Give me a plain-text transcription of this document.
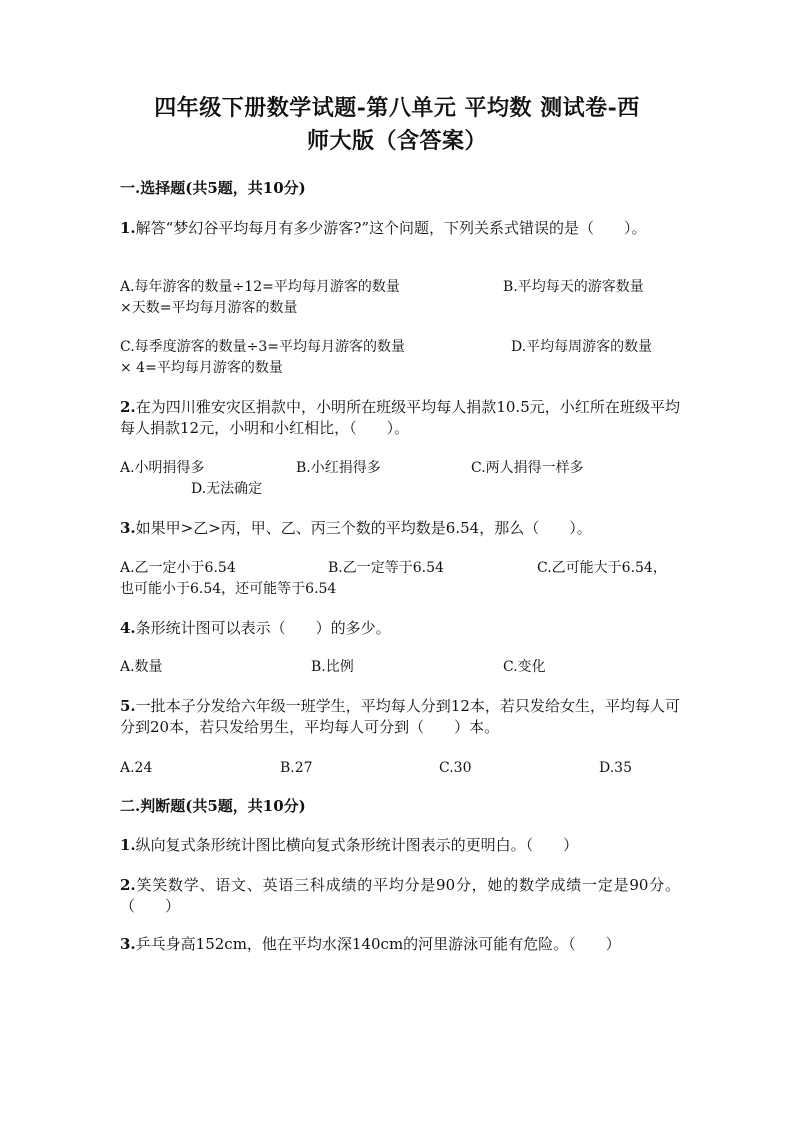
四年级下册数学试题-第八单元 平均数 测试卷-西
师大版（含答案）
一.选择题(共5题，共10分)
1.解答“梦幻谷平均每月有多少游客?”这个问题，下列关系式错误的是（　　）。
A.每年游客的数量÷12=平均每月游客的数量	B.平均每天的游客数量
×天数=平均每月游客的数量
C.每季度游客的数量÷3=平均每月游客的数量	D.平均每周游客的数量
× 4=平均每月游客的数量
2.在为四川雅安灾区捐款中，小明所在班级平均每人捐款10.5元，小红所在班级平均每人捐款12元，小明和小红相比，（　　）。
A.小明捐得多	B.小红捐得多	C.两人捐得一样多
D.无法确定
3.如果甲>乙>丙，甲、乙、丙三个数的平均数是6.54，那么（　　）。
A.乙一定小于6.54	B.乙一定等于6.54	C.乙可能大于6.54，
也可能小于6.54，还可能等于6.54
4.条形统计图可以表示（　　）的多少。
A.数量	B.比例	C.变化
5.一批本子分发给六年级一班学生，平均每人分到12本，若只发给女生，平均每人可分到20本，若只发给男生，平均每人可分到（　　）本。
A.24	B.27	C.30	D.35
二.判断题(共5题，共10分)
1.纵向复式条形统计图比横向复式条形统计图表示的更明白。（　　）
2.笑笑数学、语文、英语三科成绩的平均分是90分，她的数学成绩一定是90分。（　　）
3.乒乓身高152cm，他在平均水深140cm的河里游泳可能有危险。（　　）
